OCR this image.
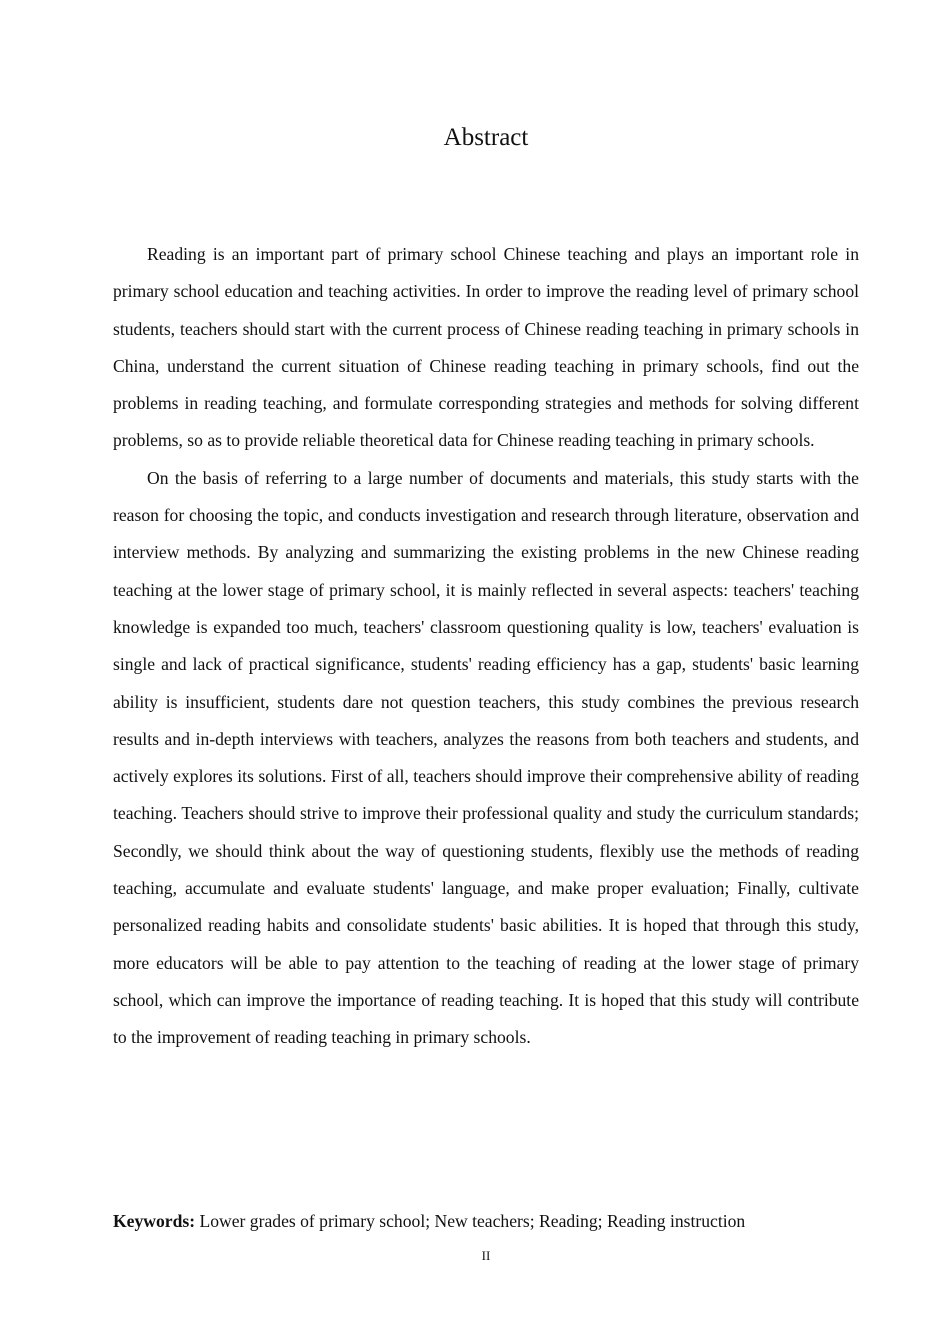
Abstract

Reading is an important part of primary school Chinese teaching and plays an important role in primary school education and teaching activities. In order to improve the reading level of primary school students, teachers should start with the current process of Chinese reading teaching in primary schools in China, understand the current situation of Chinese reading teaching in primary schools, find out the problems in reading teaching, and formulate corresponding strategies and methods for solving different problems, so as to provide reliable theoretical data for Chinese reading teaching in primary schools.

On the basis of referring to a large number of documents and materials, this study starts with the reason for choosing the topic, and conducts investigation and research through literature, observation and interview methods. By analyzing and summarizing the existing problems in the new Chinese reading teaching at the lower stage of primary school, it is mainly reflected in several aspects: teachers' teaching knowledge is expanded too much, teachers' classroom questioning quality is low, teachers' evaluation is single and lack of practical significance, students' reading efficiency has a gap, students' basic learning ability is insufficient, students dare not question teachers, this study combines the previous research results and in-depth interviews with teachers, analyzes the reasons from both teachers and students, and actively explores its solutions. First of all, teachers should improve their comprehensive ability of reading teaching. Teachers should strive to improve their professional quality and study the curriculum standards; Secondly, we should think about the way of questioning students, flexibly use the methods of reading teaching, accumulate and evaluate students' language, and make proper evaluation; Finally, cultivate personalized reading habits and consolidate students' basic abilities. It is hoped that through this study, more educators will be able to pay attention to the teaching of reading at the lower stage of primary school, which can improve the importance of reading teaching. It is hoped that this study will contribute to the improvement of reading teaching in primary schools.

Keywords: Lower grades of primary school; New teachers; Reading; Reading instruction

II
